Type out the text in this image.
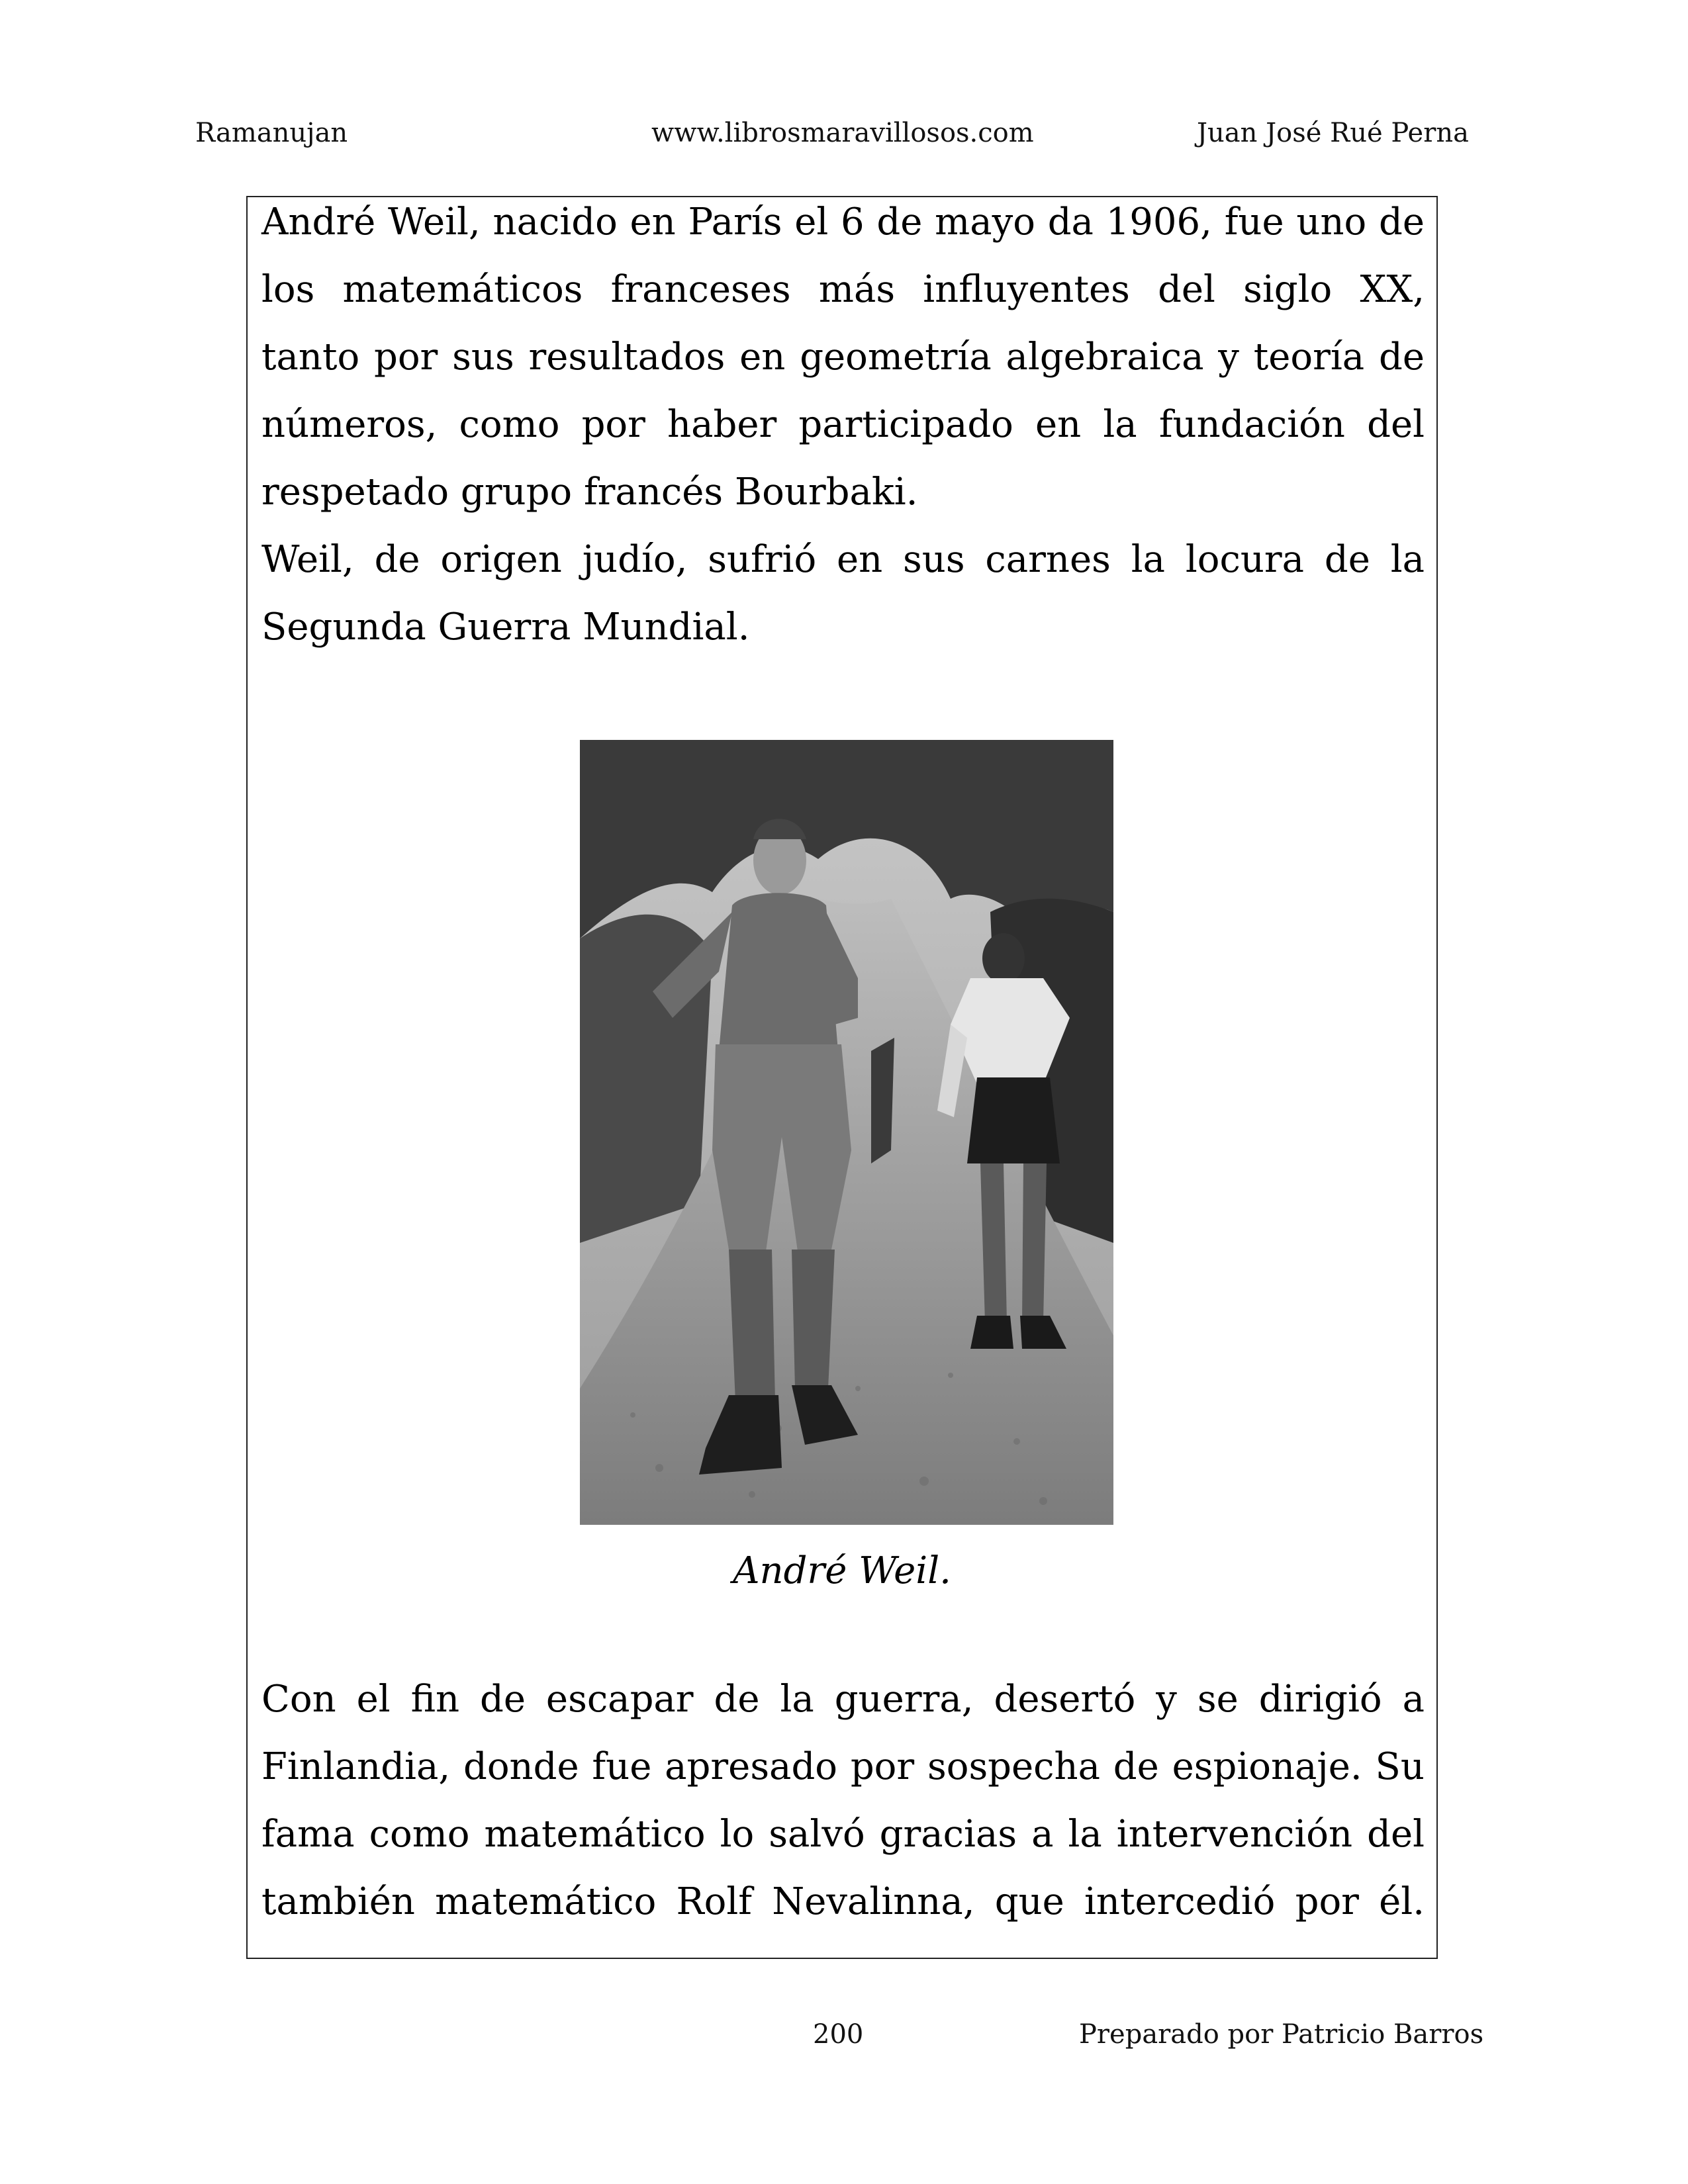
Ramanujan	www.librosmaravillosos.com	Juan José Rué Perna
André Weil, nacido en París el 6 de mayo da 1906, fue uno de
los matemáticos franceses más influyentes del siglo XX,
tanto por sus resultados en geometría algebraica y teoría de
números, como por haber participado en la fundación del
respetado grupo francés Bourbaki.
Weil, de origen judío, sufrió en sus carnes la locura de la
Segunda Guerra Mundial.
André Weil.
Con el fin de escapar de la guerra, desertó y se dirigió a
Finlandia, donde fue apresado por sospecha de espionaje. Su
fama como matemático lo salvó gracias a la intervención del
también matemático Rolf Nevalinna, que intercedió por él.
200	Preparado por Patricio Barros
